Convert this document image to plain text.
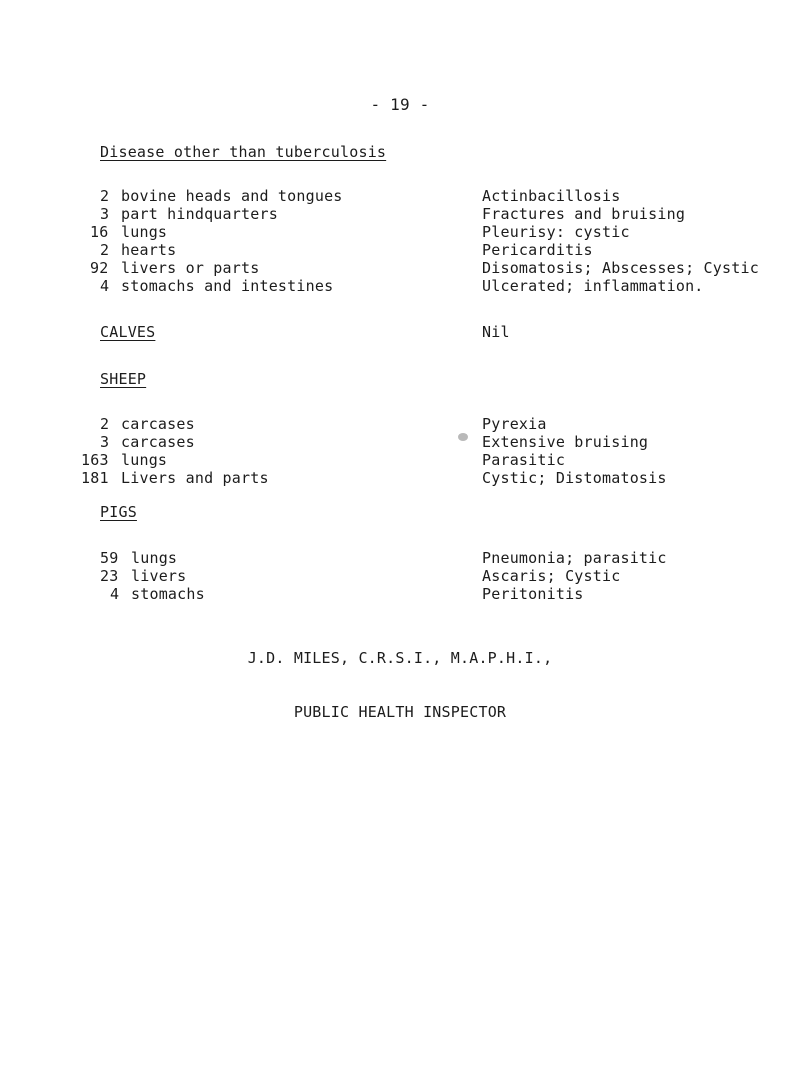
- 19 -
Disease other than tuberculosis
2 bovine heads and tongues	Actinbacillosis
3 part hindquarters	Fractures and bruising
16 lungs	Pleurisy: cystic
2 hearts	Pericarditis
92 livers or parts	Disomatosis; Abscesses; Cystic
4 stomachs and intestines	Ulcerated; inflammation.
CALVES	Nil
SHEEP
2 carcases	Pyrexia
3 carcases	Extensive bruising
163 lungs	Parasitic
181 Livers and parts	Cystic; Distomatosis
PIGS
59 lungs	Pneumonia; parasitic
23 livers	Ascaris; Cystic
4 stomachs	Peritonitis
J.D. MILES, C.R.S.I., M.A.P.H.I.,
PUBLIC HEALTH INSPECTOR
